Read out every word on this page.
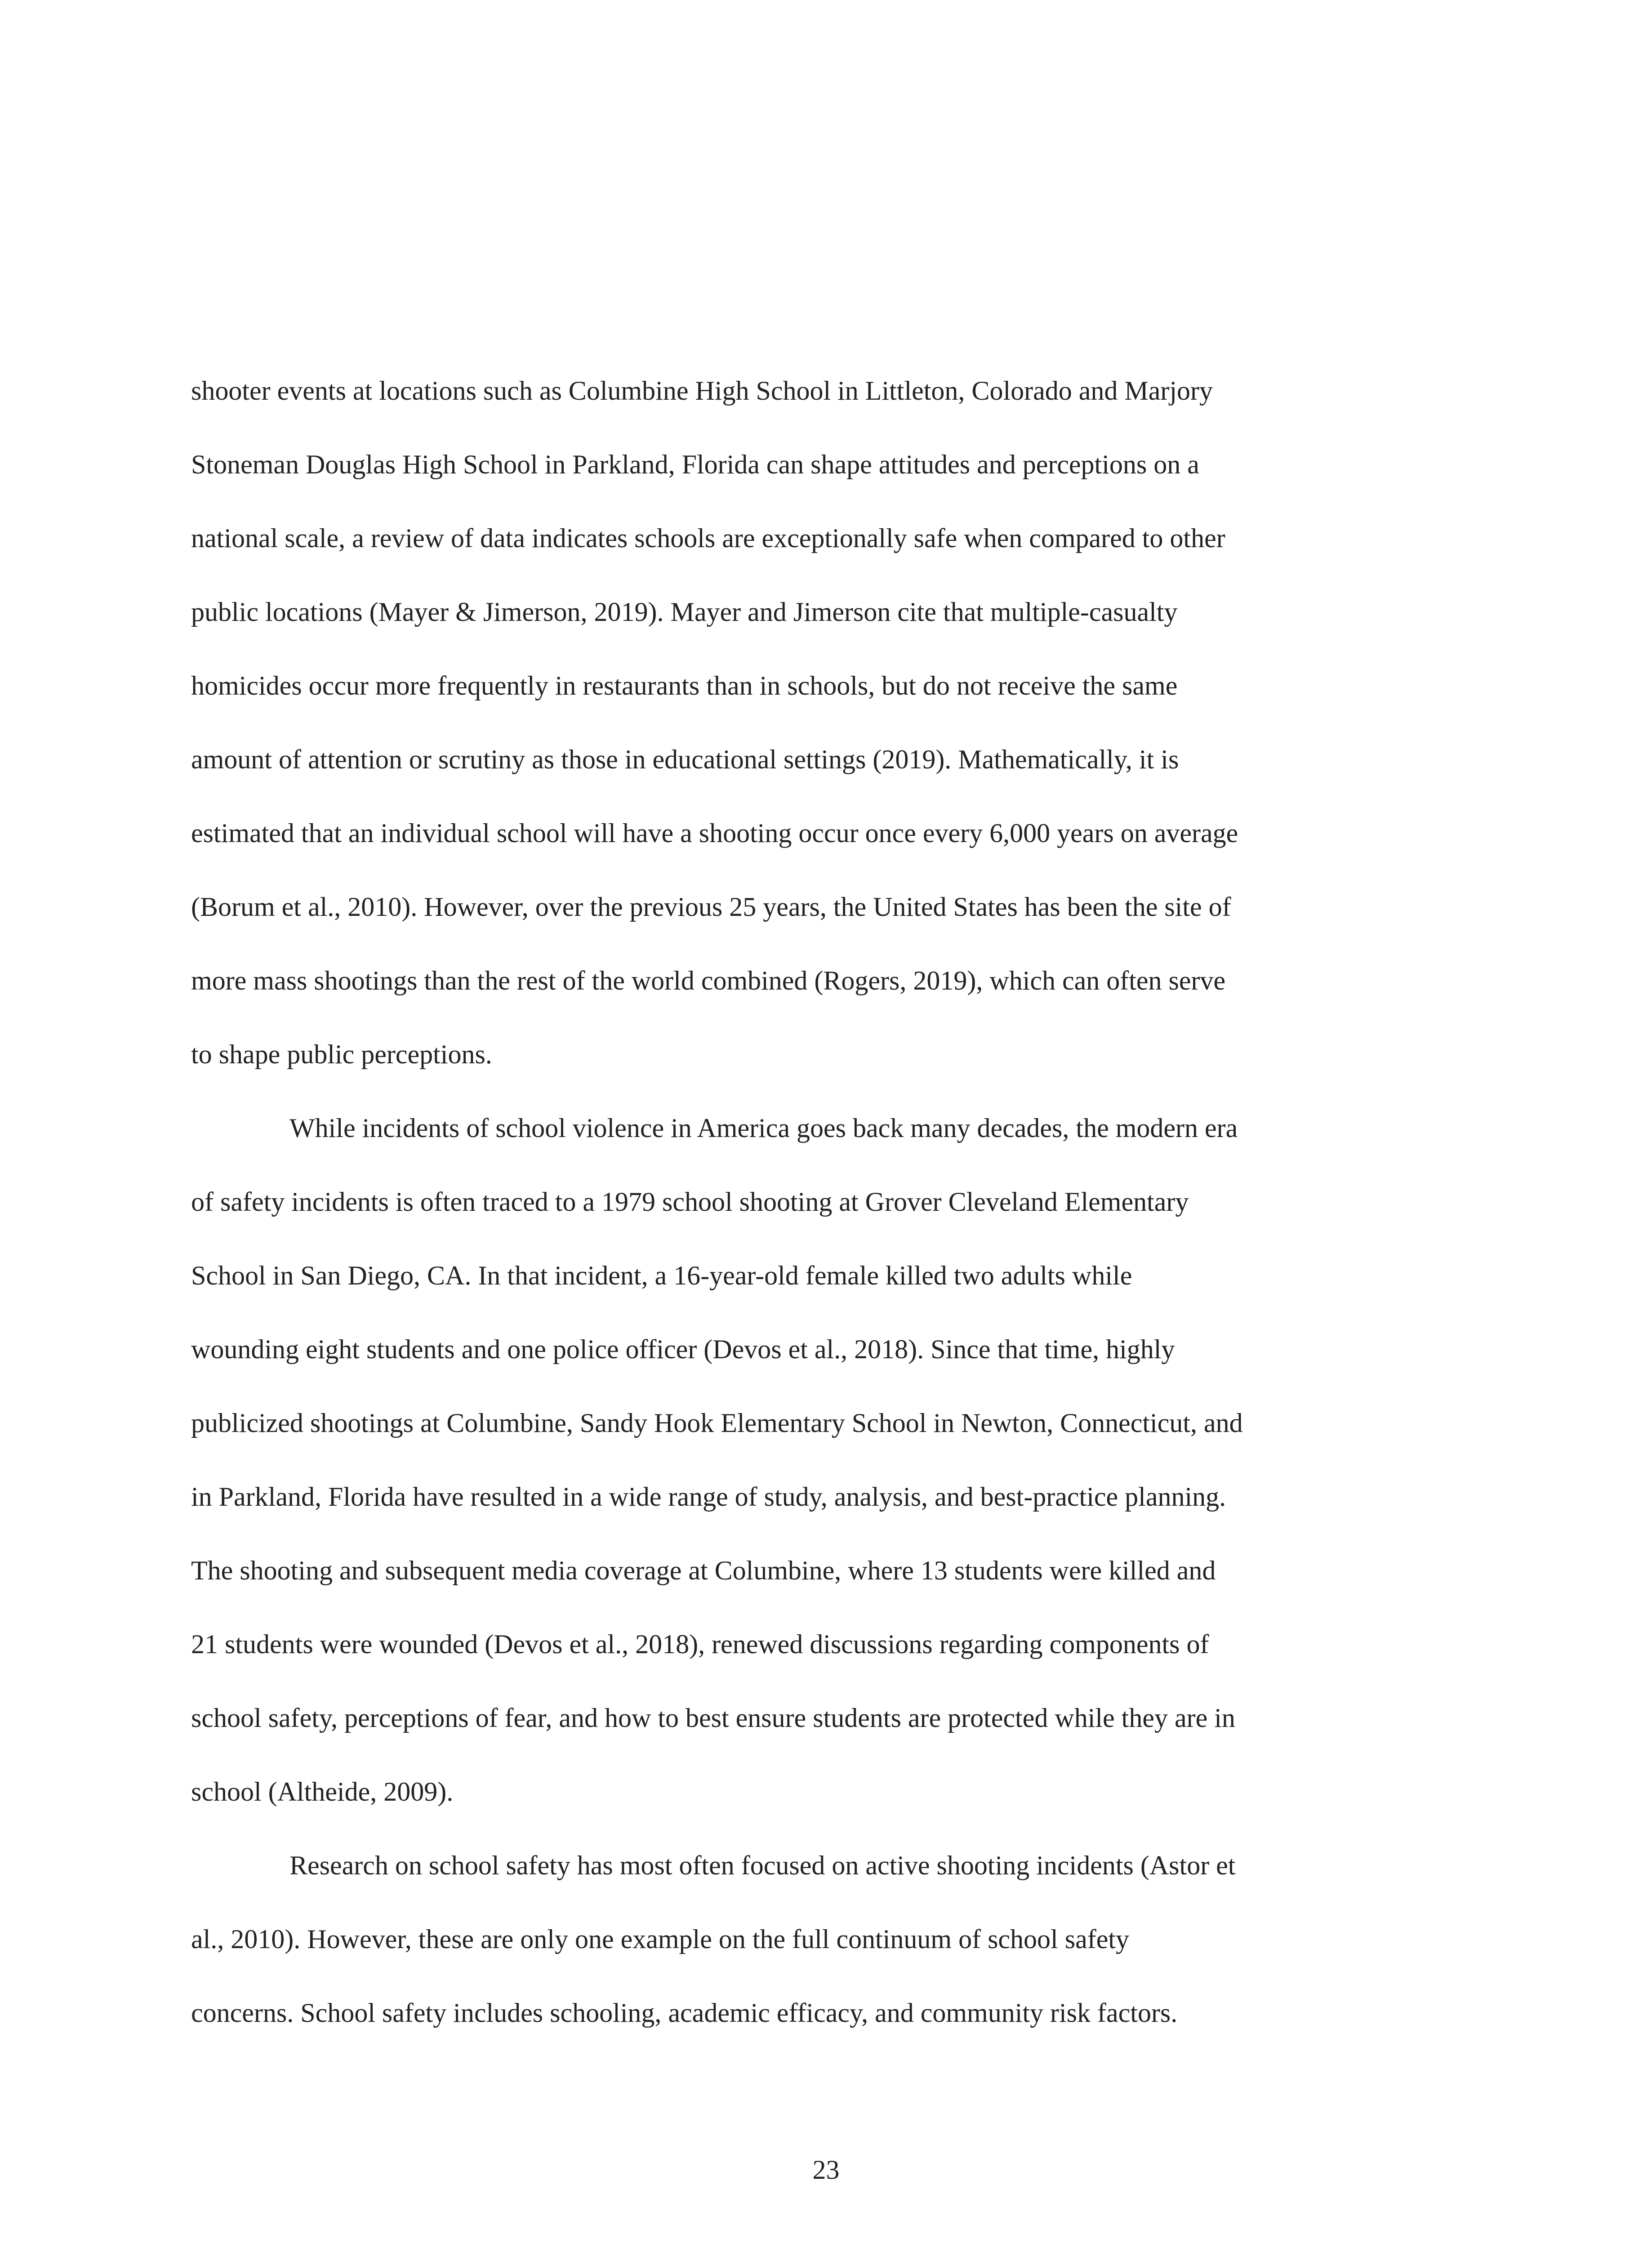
shooter events at locations such as Columbine High School in Littleton, Colorado and Marjory
Stoneman Douglas High School in Parkland, Florida can shape attitudes and perceptions on a
national scale, a review of data indicates schools are exceptionally safe when compared to other
public locations (Mayer & Jimerson, 2019). Mayer and Jimerson cite that multiple-casualty
homicides occur more frequently in restaurants than in schools, but do not receive the same
amount of attention or scrutiny as those in educational settings (2019). Mathematically, it is
estimated that an individual school will have a shooting occur once every 6,000 years on average
(Borum et al., 2010). However, over the previous 25 years, the United States has been the site of
more mass shootings than the rest of the world combined (Rogers, 2019), which can often serve
to shape public perceptions.
While incidents of school violence in America goes back many decades, the modern era
of safety incidents is often traced to a 1979 school shooting at Grover Cleveland Elementary
School in San Diego, CA. In that incident, a 16-year-old female killed two adults while
wounding eight students and one police officer (Devos et al., 2018). Since that time, highly
publicized shootings at Columbine, Sandy Hook Elementary School in Newton, Connecticut, and
in Parkland, Florida have resulted in a wide range of study, analysis, and best-practice planning.
The shooting and subsequent media coverage at Columbine, where 13 students were killed and
21 students were wounded (Devos et al., 2018), renewed discussions regarding components of
school safety, perceptions of fear, and how to best ensure students are protected while they are in
school (Altheide, 2009).
Research on school safety has most often focused on active shooting incidents (Astor et
al., 2010). However, these are only one example on the full continuum of school safety
concerns. School safety includes schooling, academic efficacy, and community risk factors.
23
